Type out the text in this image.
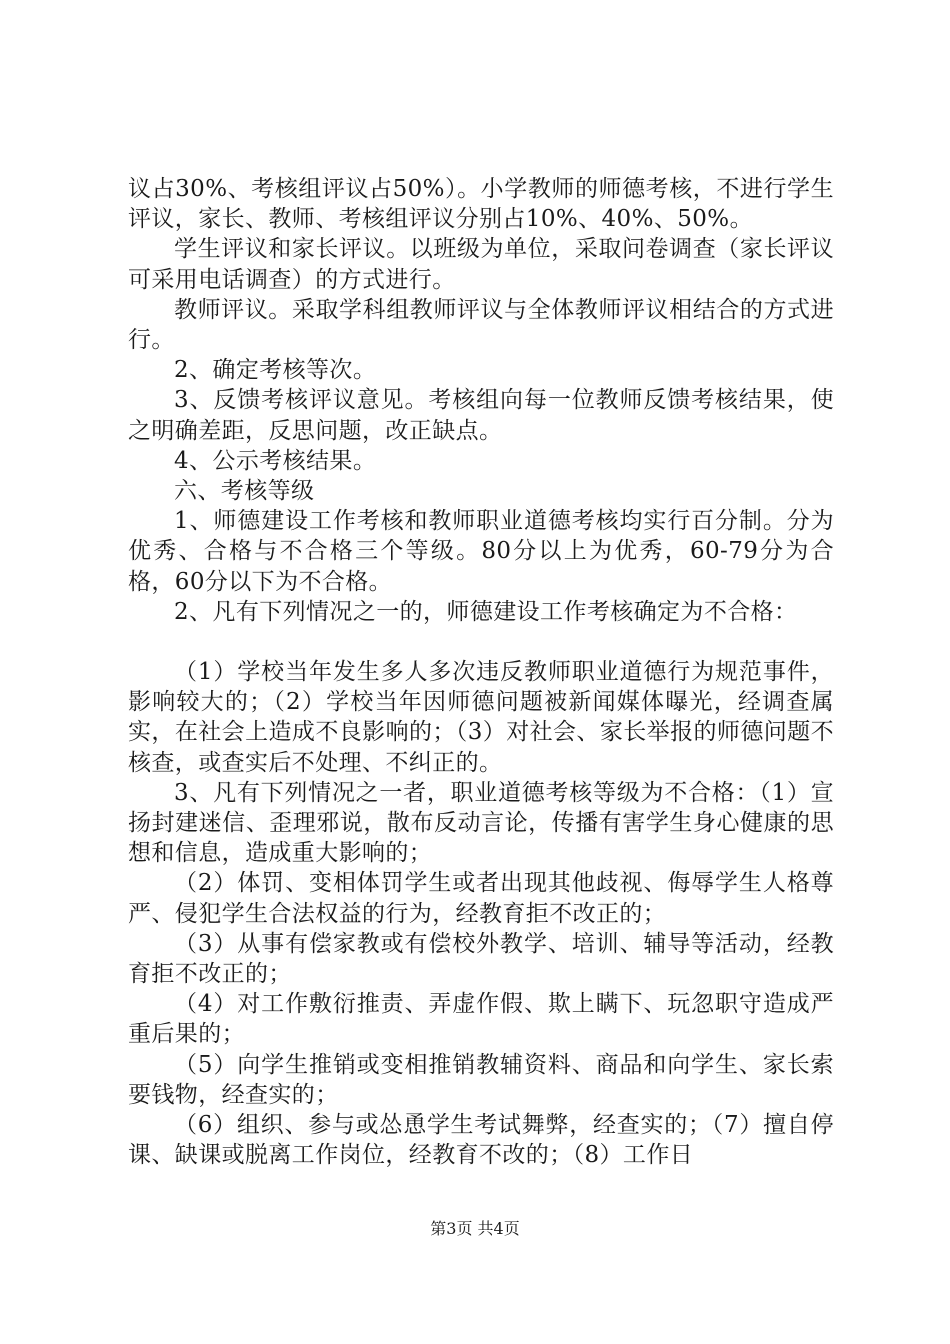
议占30%、考核组评议占50%）。小学教师的师德考核，不进行学生评议，家长、教师、考核组评议分别占10%、40%、50%。

学生评议和家长评议。以班级为单位，采取问卷调查（家长评议可采用电话调查）的方式进行。

教师评议。采取学科组教师评议与全体教师评议相结合的方式进行。

2、确定考核等次。

3、反馈考核评议意见。考核组向每一位教师反馈考核结果，使之明确差距，反思问题，改正缺点。

4、公示考核结果。

六、考核等级

1、师德建设工作考核和教师职业道德考核均实行百分制。分为优秀、合格与不合格三个等级。80分以上为优秀，60-79分为合格，60分以下为不合格。

2、凡有下列情况之一的，师德建设工作考核确定为不合格：

（1）学校当年发生多人多次违反教师职业道德行为规范事件，影响较大的；（2）学校当年因师德问题被新闻媒体曝光，经调查属实，在社会上造成不良影响的；（3）对社会、家长举报的师德问题不核查，或查实后不处理、不纠正的。

3、凡有下列情况之一者，职业道德考核等级为不合格：（1）宣扬封建迷信、歪理邪说，散布反动言论，传播有害学生身心健康的思想和信息，造成重大影响的；

（2）体罚、变相体罚学生或者出现其他歧视、侮辱学生人格尊严、侵犯学生合法权益的行为，经教育拒不改正的；

（3）从事有偿家教或有偿校外教学、培训、辅导等活动，经教育拒不改正的；

（4）对工作敷衍推责、弄虚作假、欺上瞒下、玩忽职守造成严重后果的；

（5）向学生推销或变相推销教辅资料、商品和向学生、家长索要钱物，经查实的；

（6）组织、参与或怂恿学生考试舞弊，经查实的；（7）擅自停课、缺课或脱离工作岗位，经教育不改的；（8）工作日

第3页 共4页
